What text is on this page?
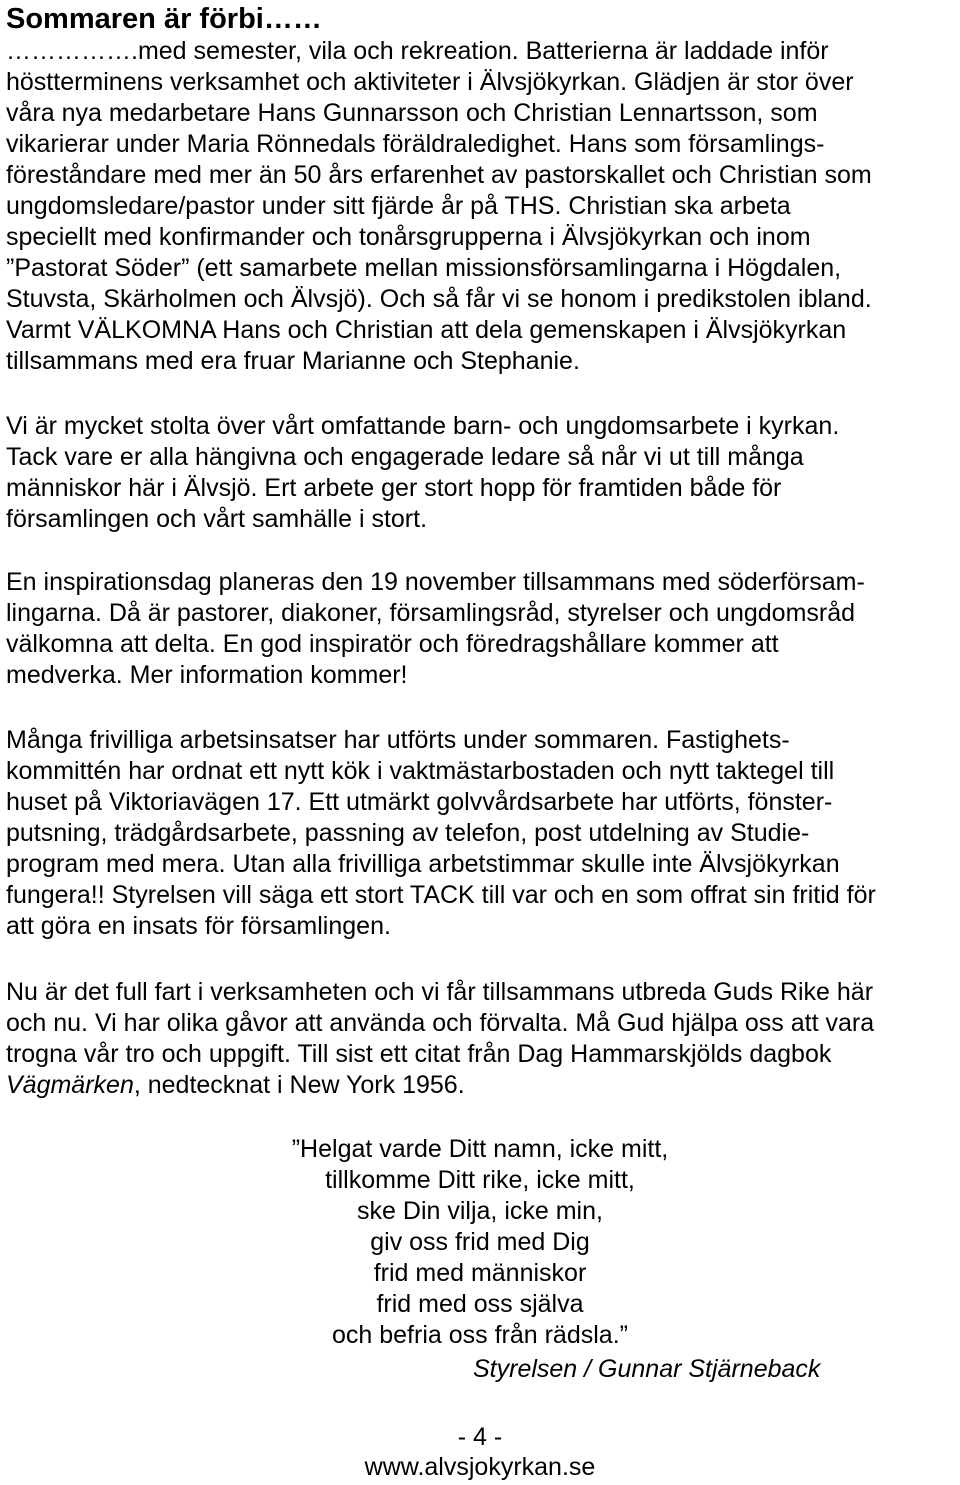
Sommaren är förbi……

…………….med semester, vila och rekreation. Batterierna är laddade inför

höstterminens verksamhet och aktiviteter i Älvsjökyrkan. Glädjen är stor över

våra nya medarbetare Hans Gunnarsson och Christian Lennartsson, som

vikarierar under Maria Rönnedals föräldraledighet. Hans som församlings-

föreståndare med mer än 50 års erfarenhet av pastorskallet och Christian som

ungdomsledare/pastor under sitt fjärde år på THS. Christian ska arbeta

speciellt med konfirmander och tonårsgrupperna i Älvsjökyrkan och inom

”Pastorat Söder” (ett samarbete mellan missionsförsamlingarna i Högdalen,

Stuvsta, Skärholmen och Älvsjö). Och så får vi se honom i predikstolen ibland.

Varmt VÄLKOMNA Hans och Christian att dela gemenskapen i Älvsjökyrkan

tillsammans med era fruar Marianne och Stephanie.

Vi är mycket stolta över vårt omfattande barn- och ungdomsarbete i kyrkan.

Tack vare er alla hängivna och engagerade ledare så når vi ut till många

människor här i Älvsjö. Ert arbete ger stort hopp för framtiden både för

församlingen och vårt samhälle i stort.

En inspirationsdag planeras den 19 november tillsammans med söderförsam-

lingarna. Då är pastorer, diakoner, församlingsråd, styrelser och ungdomsråd

välkomna att delta. En god inspiratör och föredragshållare kommer att

medverka. Mer information kommer!

Många frivilliga arbetsinsatser har utförts under sommaren. Fastighets-

kommittén har ordnat ett nytt kök i vaktmästarbostaden och nytt taktegel till

huset på Viktoriavägen 17. Ett utmärkt golvvårdsarbete har utförts, fönster-

putsning, trädgårdsarbete, passning av telefon, post utdelning av Studie-

program med mera. Utan alla frivilliga arbetstimmar skulle inte Älvsjökyrkan

fungera!! Styrelsen vill säga ett stort TACK till var och en som offrat sin fritid för

att göra en insats för församlingen.

Nu är det full fart i verksamheten och vi får tillsammans utbreda Guds Rike här

och nu. Vi har olika gåvor att använda och förvalta. Må Gud hjälpa oss att vara

trogna vår tro och uppgift. Till sist ett citat från Dag Hammarskjölds dagbok

Vägmärken, nedtecknat i New York 1956.

”Helgat varde Ditt namn, icke mitt,

tillkomme Ditt rike, icke mitt,

ske Din vilja, icke min,

giv oss frid med Dig

frid med människor

frid med oss själva

och befria oss från rädsla.”

Styrelsen / Gunnar Stjärneback

- 4 -

www.alvsjokyrkan.se
